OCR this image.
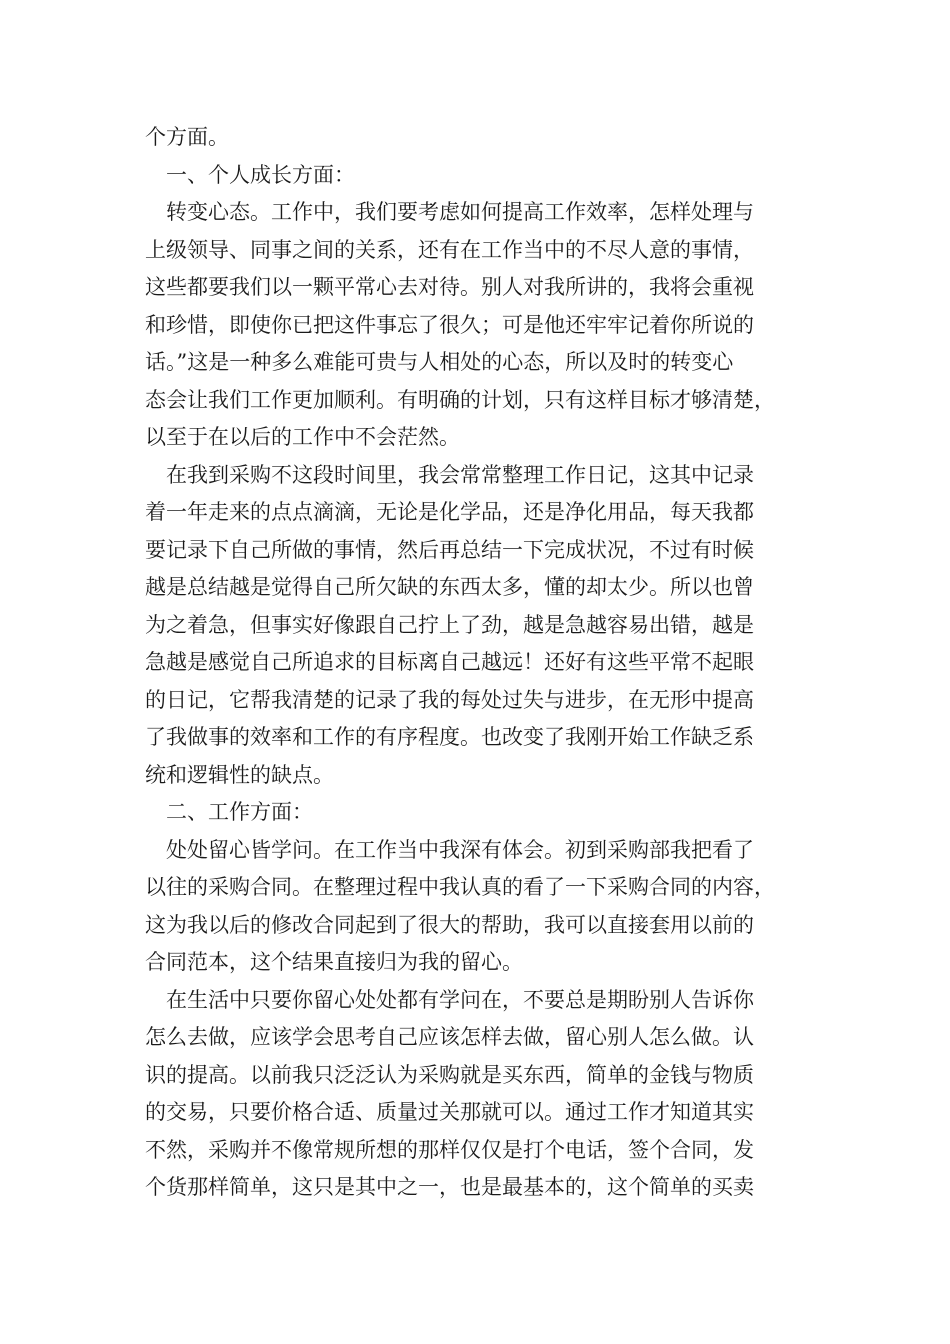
个方面。
一、个人成长方面：
转变心态。工作中，我们要考虑如何提高工作效率，怎样处理与
上级领导、同事之间的关系，还有在工作当中的不尽人意的事情，
这些都要我们以一颗平常心去对待。别人对我所讲的，我将会重视
和珍惜，即使你已把这件事忘了很久；可是他还牢牢记着你所说的
话。”这是一种多么难能可贵与人相处的心态，所以及时的转变心
态会让我们工作更加顺利。有明确的计划，只有这样目标才够清楚，
以至于在以后的工作中不会茫然。
在我到采购不这段时间里，我会常常整理工作日记，这其中记录
着一年走来的点点滴滴，无论是化学品，还是净化用品，每天我都
要记录下自己所做的事情，然后再总结一下完成状况，不过有时候
越是总结越是觉得自己所欠缺的东西太多，懂的却太少。所以也曾
为之着急，但事实好像跟自己拧上了劲，越是急越容易出错，越是
急越是感觉自己所追求的目标离自己越远！还好有这些平常不起眼
的日记，它帮我清楚的记录了我的每处过失与进步，在无形中提高
了我做事的效率和工作的有序程度。也改变了我刚开始工作缺乏系
统和逻辑性的缺点。
二、工作方面：
处处留心皆学问。在工作当中我深有体会。初到采购部我把看了
以往的采购合同。在整理过程中我认真的看了一下采购合同的内容，
这为我以后的修改合同起到了很大的帮助，我可以直接套用以前的
合同范本，这个结果直接归为我的留心。
在生活中只要你留心处处都有学问在，不要总是期盼别人告诉你
怎么去做，应该学会思考自己应该怎样去做，留心别人怎么做。认
识的提高。以前我只泛泛认为采购就是买东西，简单的金钱与物质
的交易，只要价格合适、质量过关那就可以。通过工作才知道其实
不然，采购并不像常规所想的那样仅仅是打个电话，签个合同，发
个货那样简单，这只是其中之一，也是最基本的，这个简单的买卖
